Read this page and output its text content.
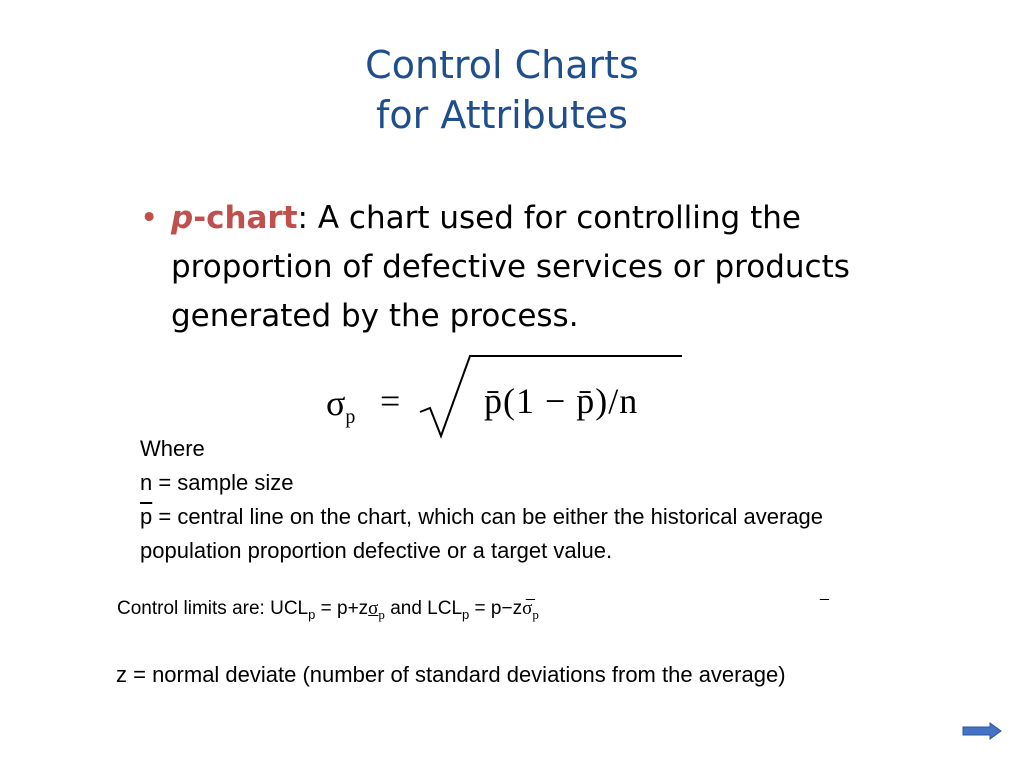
Control Charts
for Attributes
• p-chart: A chart used for controlling the proportion of defective services or products generated by the process.
$\sigma_p$ = p̄(1 − p̄)/n
Where
n = sample size
$\overline{p}$ = central line on the chart, which can be either the historical average population proportion defective or a target value.
Control limits are: $UCL_p = p+z\sigma_p$ and $LCL_p = p-z\sigma_p$
_	_
z = normal deviate (number of standard deviations from the average)
